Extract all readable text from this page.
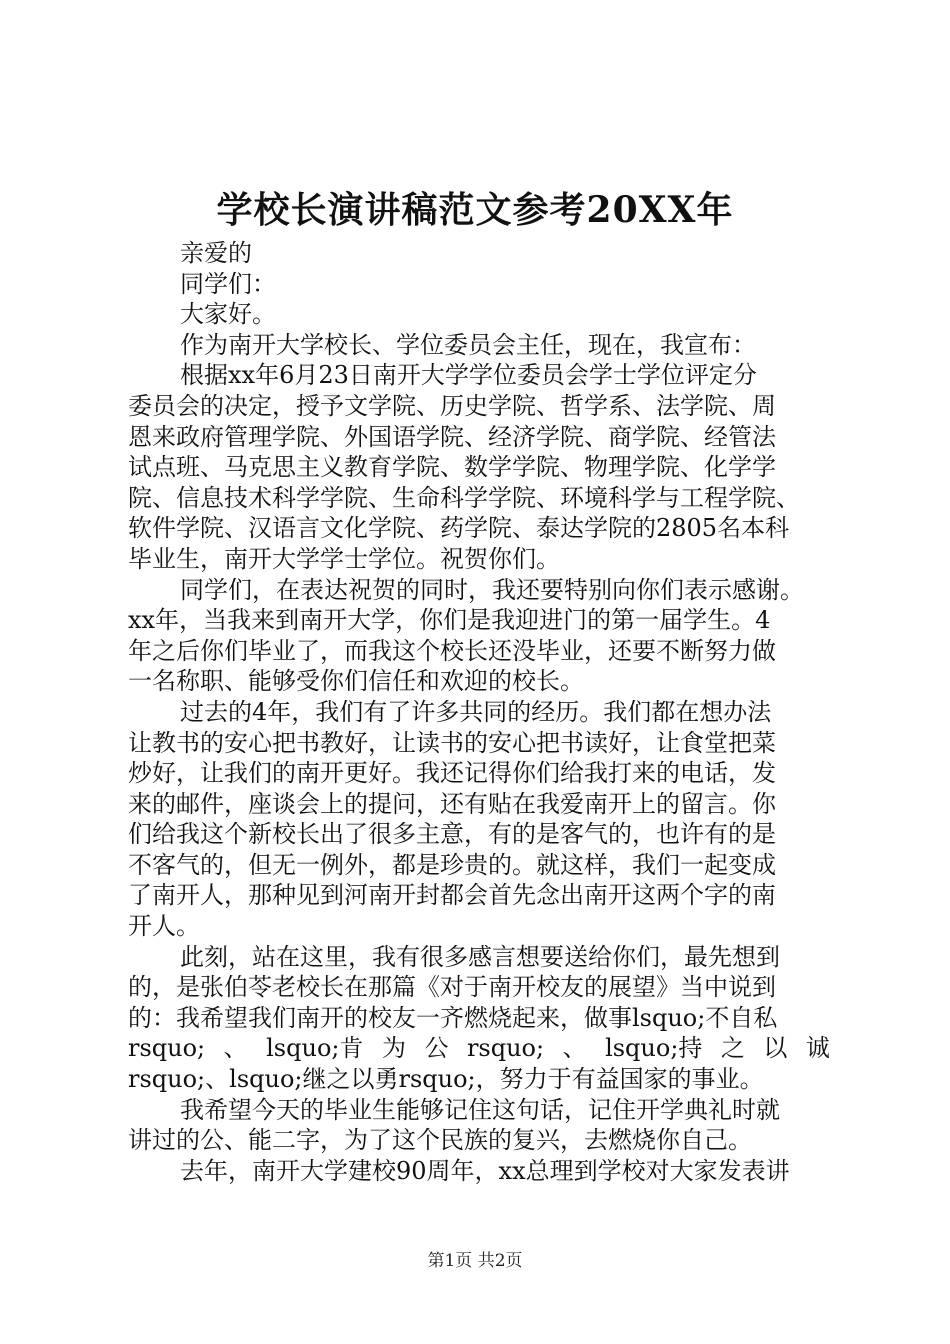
学校长演讲稿范文参考20XX年
亲爱的
同学们：
大家好。
作为南开大学校长、学位委员会主任，现在，我宣布：
根据xx年6月23日南开大学学位委员会学士学位评定分
委员会的决定，授予文学院、历史学院、哲学系、法学院、周
恩来政府管理学院、外国语学院、经济学院、商学院、经管法
试点班、马克思主义教育学院、数学学院、物理学院、化学学
院、信息技术科学学院、生命科学学院、环境科学与工程学院、
软件学院、汉语言文化学院、药学院、泰达学院的2805名本科
毕业生，南开大学学士学位。祝贺你们。
同学们，在表达祝贺的同时，我还要特别向你们表示感谢。
xx年，当我来到南开大学，你们是我迎进门的第一届学生。4
年之后你们毕业了，而我这个校长还没毕业，还要不断努力做
一名称职、能够受你们信任和欢迎的校长。
过去的4年，我们有了许多共同的经历。我们都在想办法
让教书的安心把书教好，让读书的安心把书读好，让食堂把菜
炒好，让我们的南开更好。我还记得你们给我打来的电话，发
来的邮件，座谈会上的提问，还有贴在我爱南开上的留言。你
们给我这个新校长出了很多主意，有的是客气的，也许有的是
不客气的，但无一例外，都是珍贵的。就这样，我们一起变成
了南开人，那种见到河南开封都会首先念出南开这两个字的南
开人。
此刻，站在这里，我有很多感言想要送给你们，最先想到
的，是张伯苓老校长在那篇《对于南开校友的展望》当中说到
的：我希望我们南开的校友一齐燃烧起来，做事lsquo;不自私
rsquo; 、 lsquo;肯 为 公 rsquo; 、 lsquo;持 之 以 诚
rsquo;、lsquo;继之以勇rsquo;，努力于有益国家的事业。
我希望今天的毕业生能够记住这句话，记住开学典礼时就
讲过的公、能二字，为了这个民族的复兴，去燃烧你自己。
去年，南开大学建校90周年，xx总理到学校对大家发表讲
第1页 共2页
